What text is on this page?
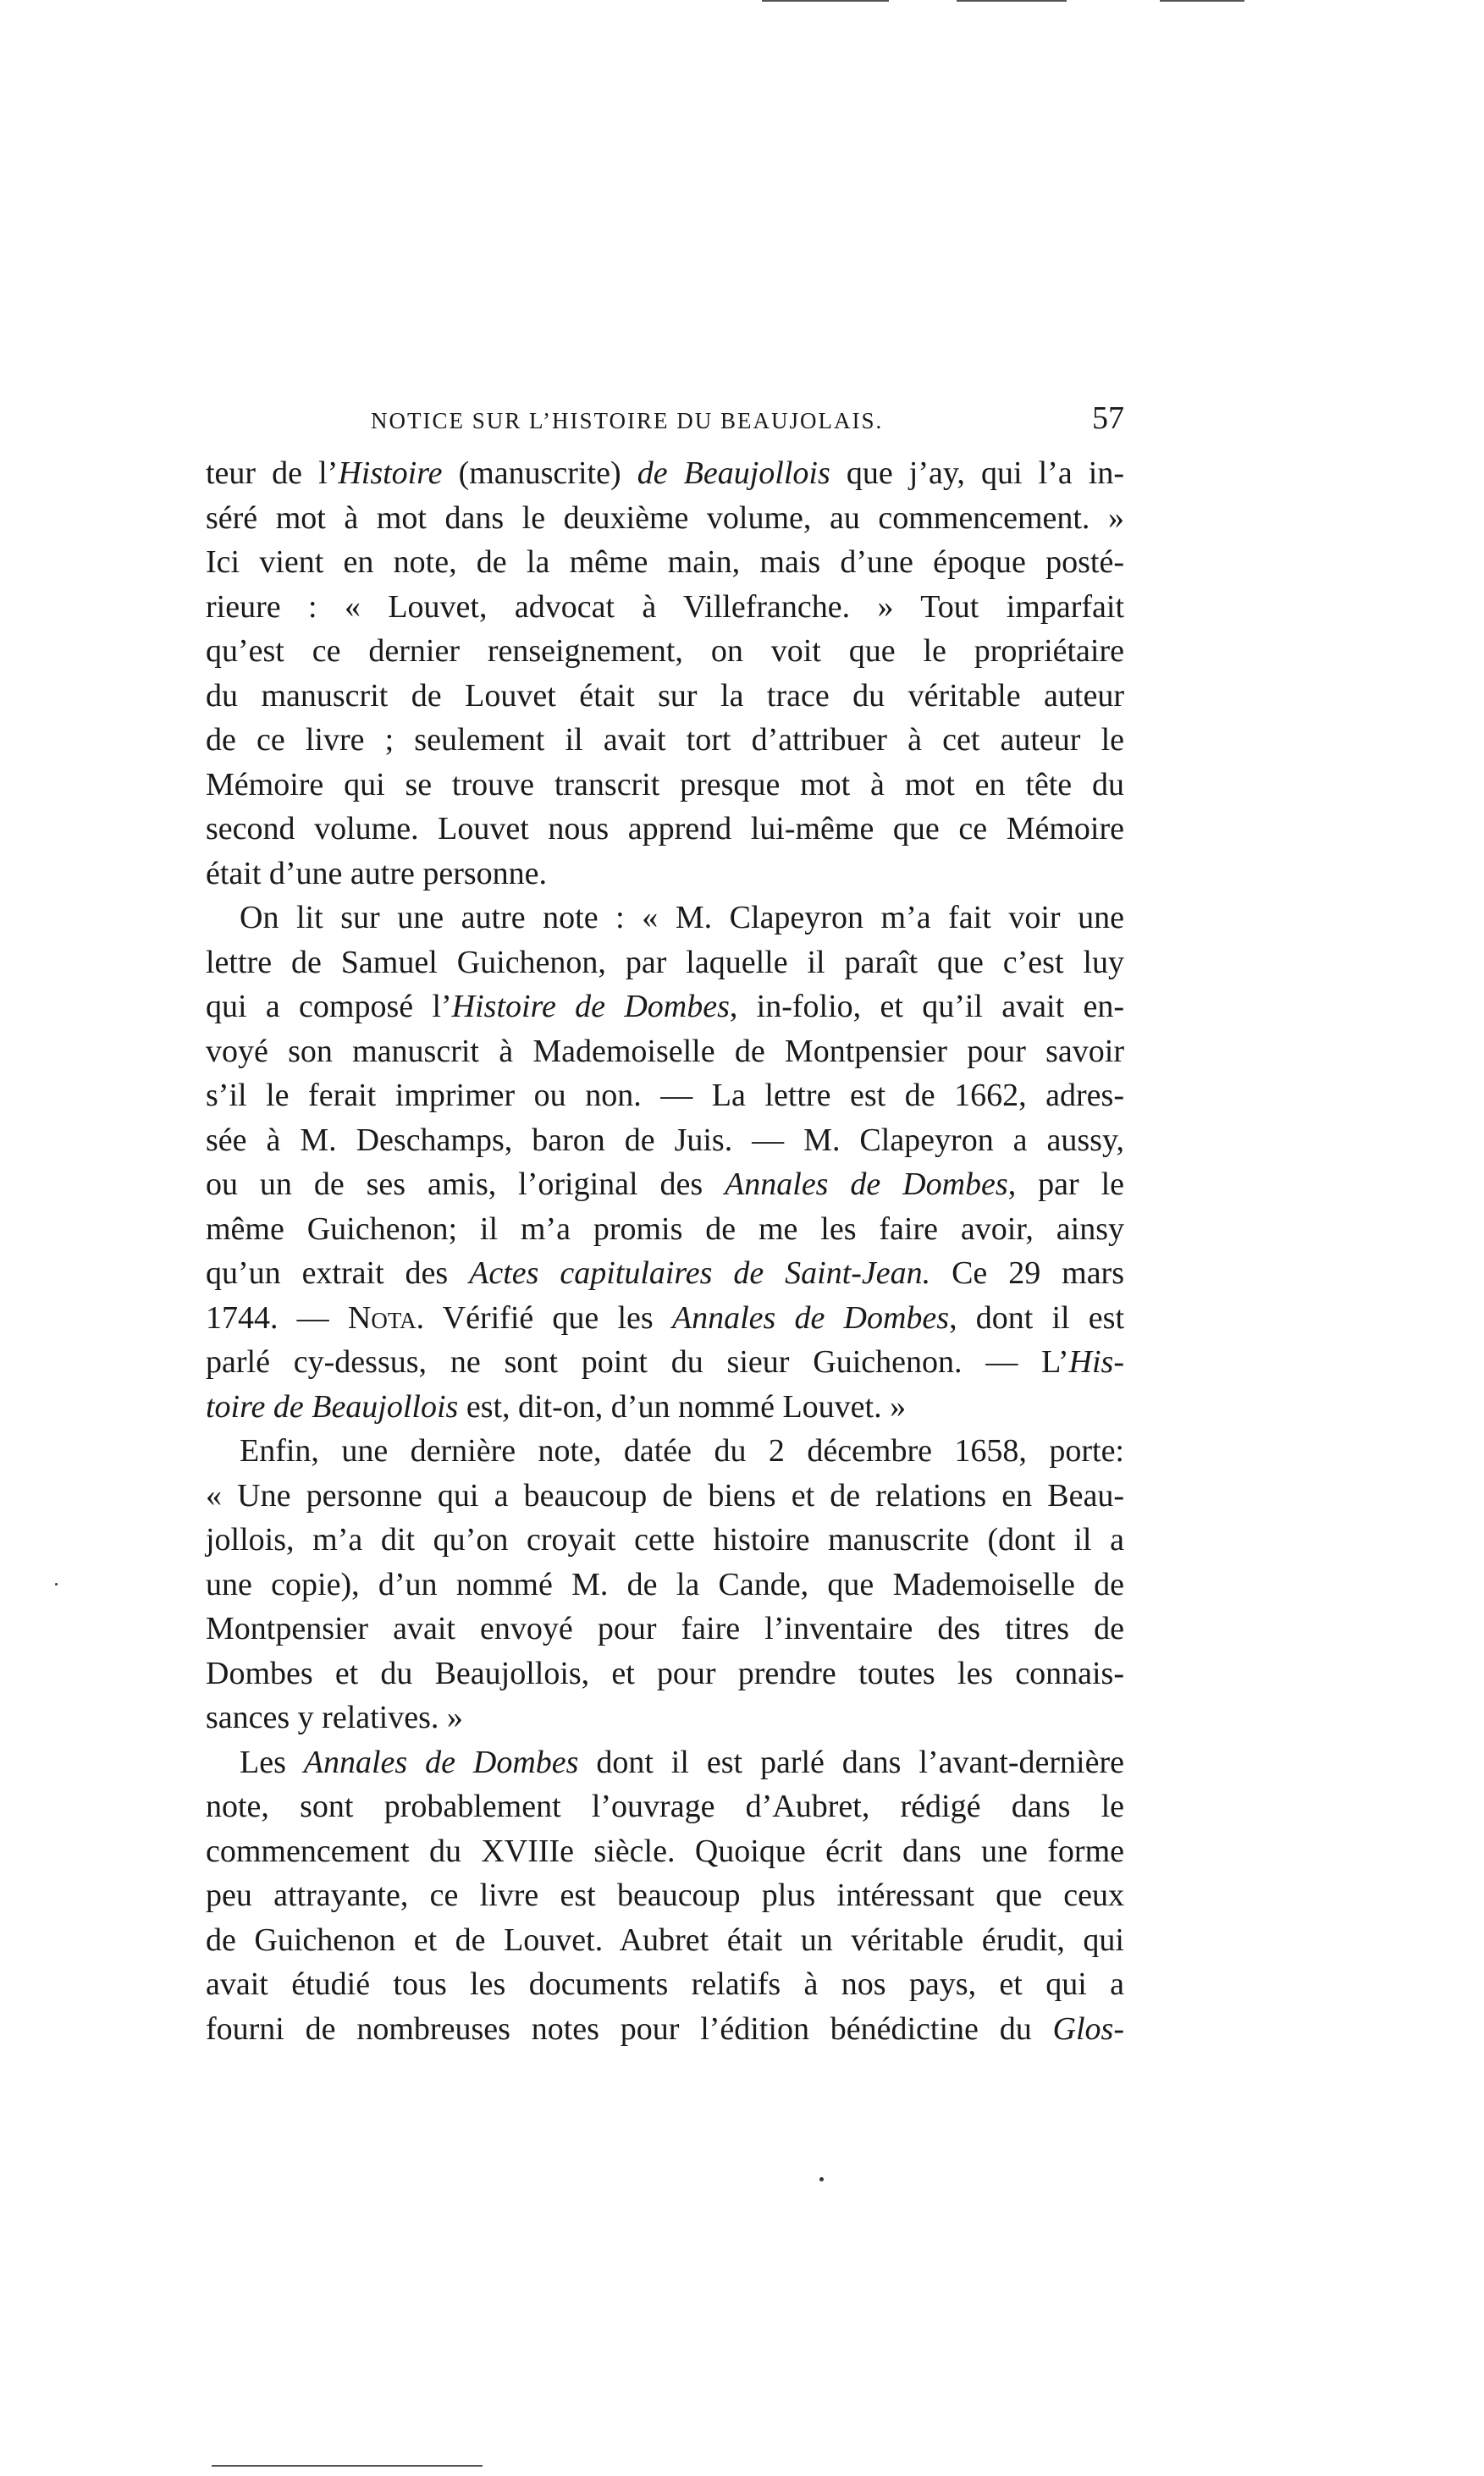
NOTICE SUR L’HISTOIRE DU BEAUJOLAIS.	57
teur de l’Histoire (manuscrite) de Beaujollois que j’ay, qui l’a in-
séré mot à mot dans le deuxième volume, au commencement. »
Ici vient en note, de la même main, mais d’une époque posté-
rieure : « Louvet, advocat à Villefranche. » Tout imparfait
qu’est ce dernier renseignement, on voit que le propriétaire
du manuscrit de Louvet était sur la trace du véritable auteur
de ce livre ; seulement il avait tort d’attribuer à cet auteur le
Mémoire qui se trouve transcrit presque mot à mot en tête du
second volume. Louvet nous apprend lui-même que ce Mémoire
était d’une autre personne.
On lit sur une autre note : « M. Clapeyron m’a fait voir une
lettre de Samuel Guichenon, par laquelle il paraît que c’est luy
qui a composé l’Histoire de Dombes, in-folio, et qu’il avait en-
voyé son manuscrit à Mademoiselle de Montpensier pour savoir
s’il le ferait imprimer ou non. — La lettre est de 1662, adres-
sée à M. Deschamps, baron de Juis. — M. Clapeyron a aussy,
ou un de ses amis, l’original des Annales de Dombes, par le
même Guichenon; il m’a promis de me les faire avoir, ainsy
qu’un extrait des Actes capitulaires de Saint-Jean. Ce 29 mars
1744. — Nota. Vérifié que les Annales de Dombes, dont il est
parlé cy-dessus, ne sont point du sieur Guichenon. — L’His-
toire de Beaujollois est, dit-on, d’un nommé Louvet. »
Enfin, une dernière note, datée du 2 décembre 1658, porte:
« Une personne qui a beaucoup de biens et de relations en Beau-
jollois, m’a dit qu’on croyait cette histoire manuscrite (dont il a
une copie), d’un nommé M. de la Cande, que Mademoiselle de
Montpensier avait envoyé pour faire l’inventaire des titres de
Dombes et du Beaujollois, et pour prendre toutes les connais-
sances y relatives. »
Les Annales de Dombes dont il est parlé dans l’avant-dernière
note, sont probablement l’ouvrage d’Aubret, rédigé dans le
commencement du XVIIIe siècle. Quoique écrit dans une forme
peu attrayante, ce livre est beaucoup plus intéressant que ceux
de Guichenon et de Louvet. Aubret était un véritable érudit, qui
avait étudié tous les documents relatifs à nos pays, et qui a
fourni de nombreuses notes pour l’édition bénédictine du Glos-
